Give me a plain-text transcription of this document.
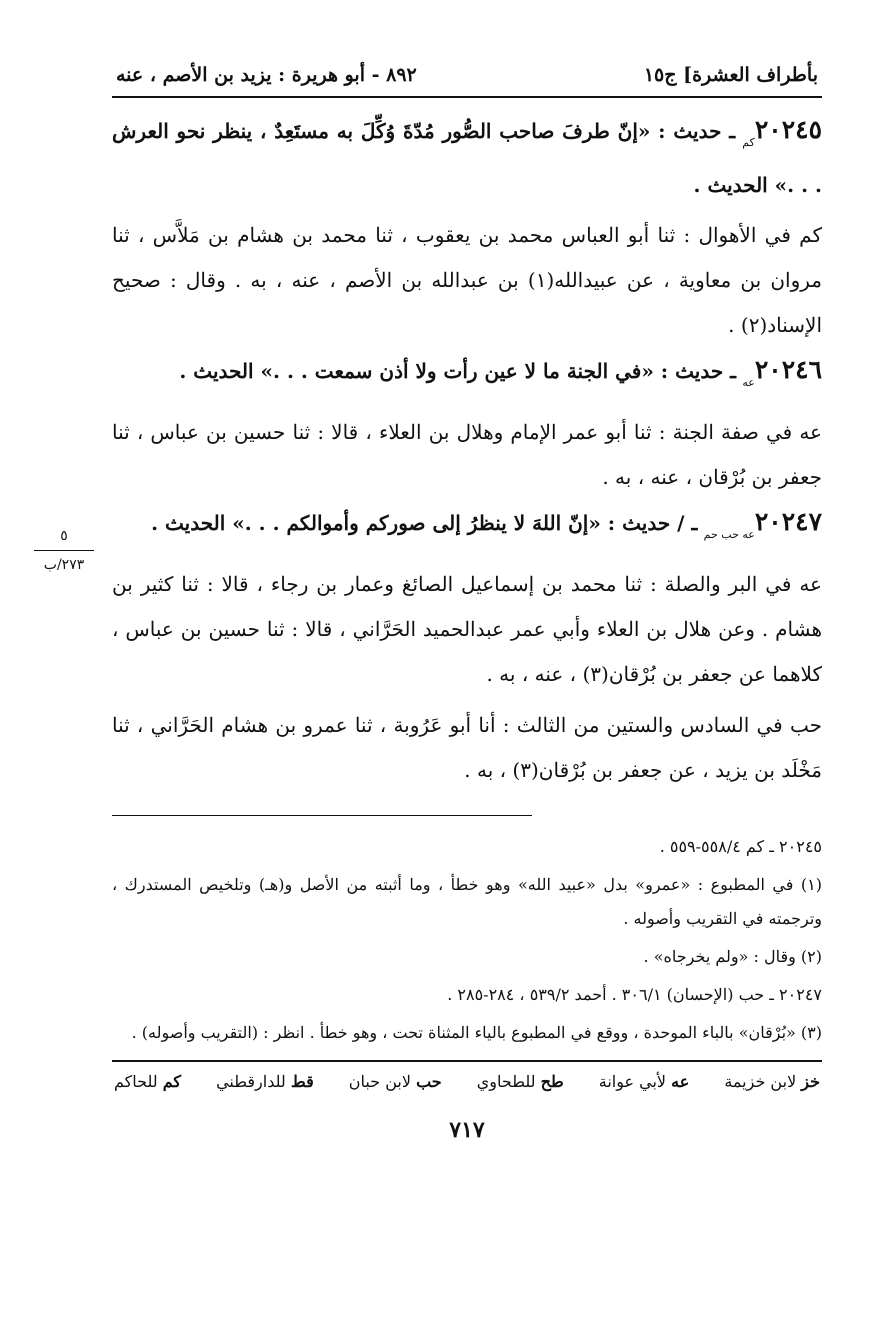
بأطراف العشرة] ج١٥
٨٩٢ - أبو هريرة : يزيد بن الأصم ، عنه

$٢٠٢٤٥_{كم}$ ـ حديث : «إنّ طرفَ صاحب الصُّور مُدّةَ وُكِّلَ به مستَعِدٌ ، ينظر نحو العرش . . .» الحديث .

كم في الأهوال : ثنا أبو العباس محمد بن يعقوب ، ثنا محمد بن هشام بن مَلاَّس ، ثنا مروان بن معاوية ، عن عبيدالله(١) بن عبدالله بن الأصم ، عنه ، به . وقال : صحيح الإسناد(٢) .

$٢٠٢٤٦_{عه}$ ـ حديث : «في الجنة ما لا عين رأت ولا أذن سمعت . . .» الحديث .

عه في صفة الجنة : ثنا أبو عمر الإمام وهلال بن العلاء ، قالا : ثنا حسين بن عباس ، ثنا جعفر بن بُرْقان ، عنه ، به .

$٢٠٢٤٧_{عه حب حم}$ ـ / حديث : «إنّ اللهَ لا ينظرُ إلى صوركم وأموالكم . . .» الحديث .

عه في البر والصلة : ثنا محمد بن إسماعيل الصائغ وعمار بن رجاء ، قالا : ثنا كثير بن هشام . وعن هلال بن العلاء وأبي عمر عبدالحميد الحَرَّاني ، قالا : ثنا حسين بن عباس ، كلاهما عن جعفر بن بُرْقان(٣) ، عنه ، به .

حب في السادس والستين من الثالث : أنا أبو عَرُوبة ، ثنا عمرو بن هشام الحَرَّاني ، ثنا مَخْلَد بن يزيد ، عن جعفر بن بُرْقان(٣) ، به .

٢٠٢٤٥ ـ كم ٥٥٨/٤-٥٥٩ .

(١) في المطبوع : «عمرو» بدل «عبيد الله» وهو خطأ ، وما أثبته من الأصل و(هـ) وتلخيص المستدرك ، وترجمته في التقريب وأصوله .

(٢) وقال : «ولم يخرجاه» .

٢٠٢٤٧ ـ حب (الإحسان) ٣٠٦/١ . أحمد ٥٣٩/٢ ، ٢٨٤-٢٨٥ .

(٣) «بُرْقان» بالباء الموحدة ، ووقع في المطبوع بالياء المثناة تحت ، وهو خطأ . انظر : (التقريب وأصوله) .

خز لابن خزيمة
عه لأبي عوانة
طح للطحاوي
حب لابن حبان
قط للدارقطني
كم للحاكم
٧١٧
٥
٢٧٣/ب
